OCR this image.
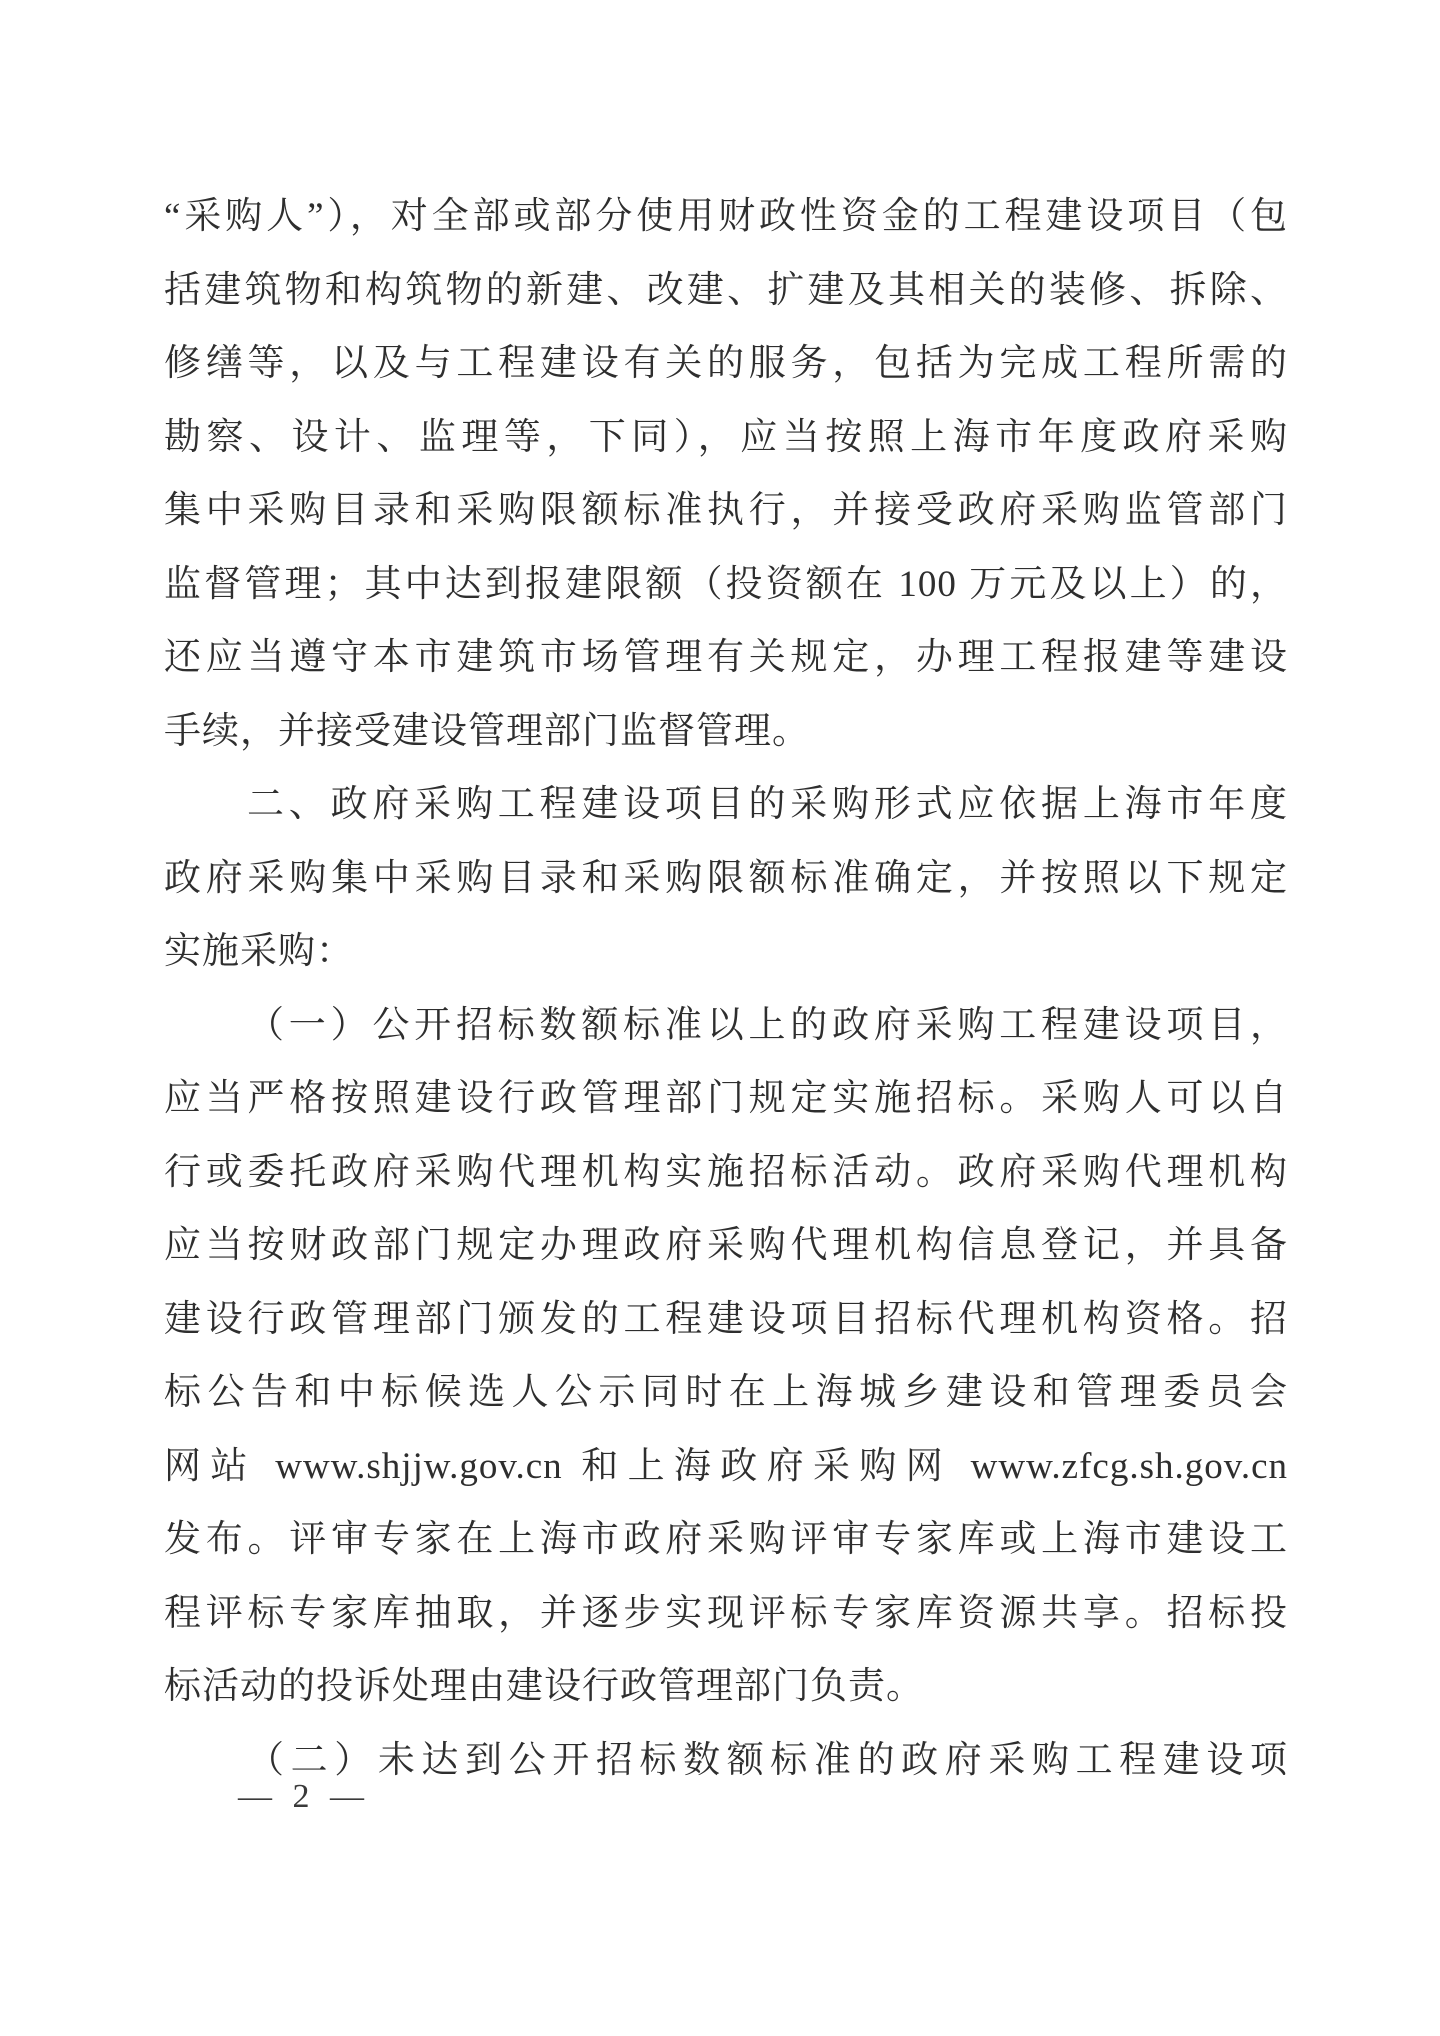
“采购人”），对全部或部分使用财政性资金的工程建设项目（包
括建筑物和构筑物的新建、改建、扩建及其相关的装修、拆除、
修缮等，以及与工程建设有关的服务，包括为完成工程所需的
勘察、设计、监理等，下同），应当按照上海市年度政府采购
集中采购目录和采购限额标准执行，并接受政府采购监管部门
监督管理；其中达到报建限额（投资额在 100 万元及以上）的，
还应当遵守本市建筑市场管理有关规定，办理工程报建等建设
手续，并接受建设管理部门监督管理。
二、政府采购工程建设项目的采购形式应依据上海市年度
政府采购集中采购目录和采购限额标准确定，并按照以下规定
实施采购：
（一）公开招标数额标准以上的政府采购工程建设项目，
应当严格按照建设行政管理部门规定实施招标。采购人可以自
行或委托政府采购代理机构实施招标活动。政府采购代理机构
应当按财政部门规定办理政府采购代理机构信息登记，并具备
建设行政管理部门颁发的工程建设项目招标代理机构资格。招
标公告和中标候选人公示同时在上海城乡建设和管理委员会
网站 www.shjjw.gov.cn 和上海政府采购网 www.zfcg.sh.gov.cn
发布。评审专家在上海市政府采购评审专家库或上海市建设工
程评标专家库抽取，并逐步实现评标专家库资源共享。招标投
标活动的投诉处理由建设行政管理部门负责。
（二）未达到公开招标数额标准的政府采购工程建设项
— 2 —
